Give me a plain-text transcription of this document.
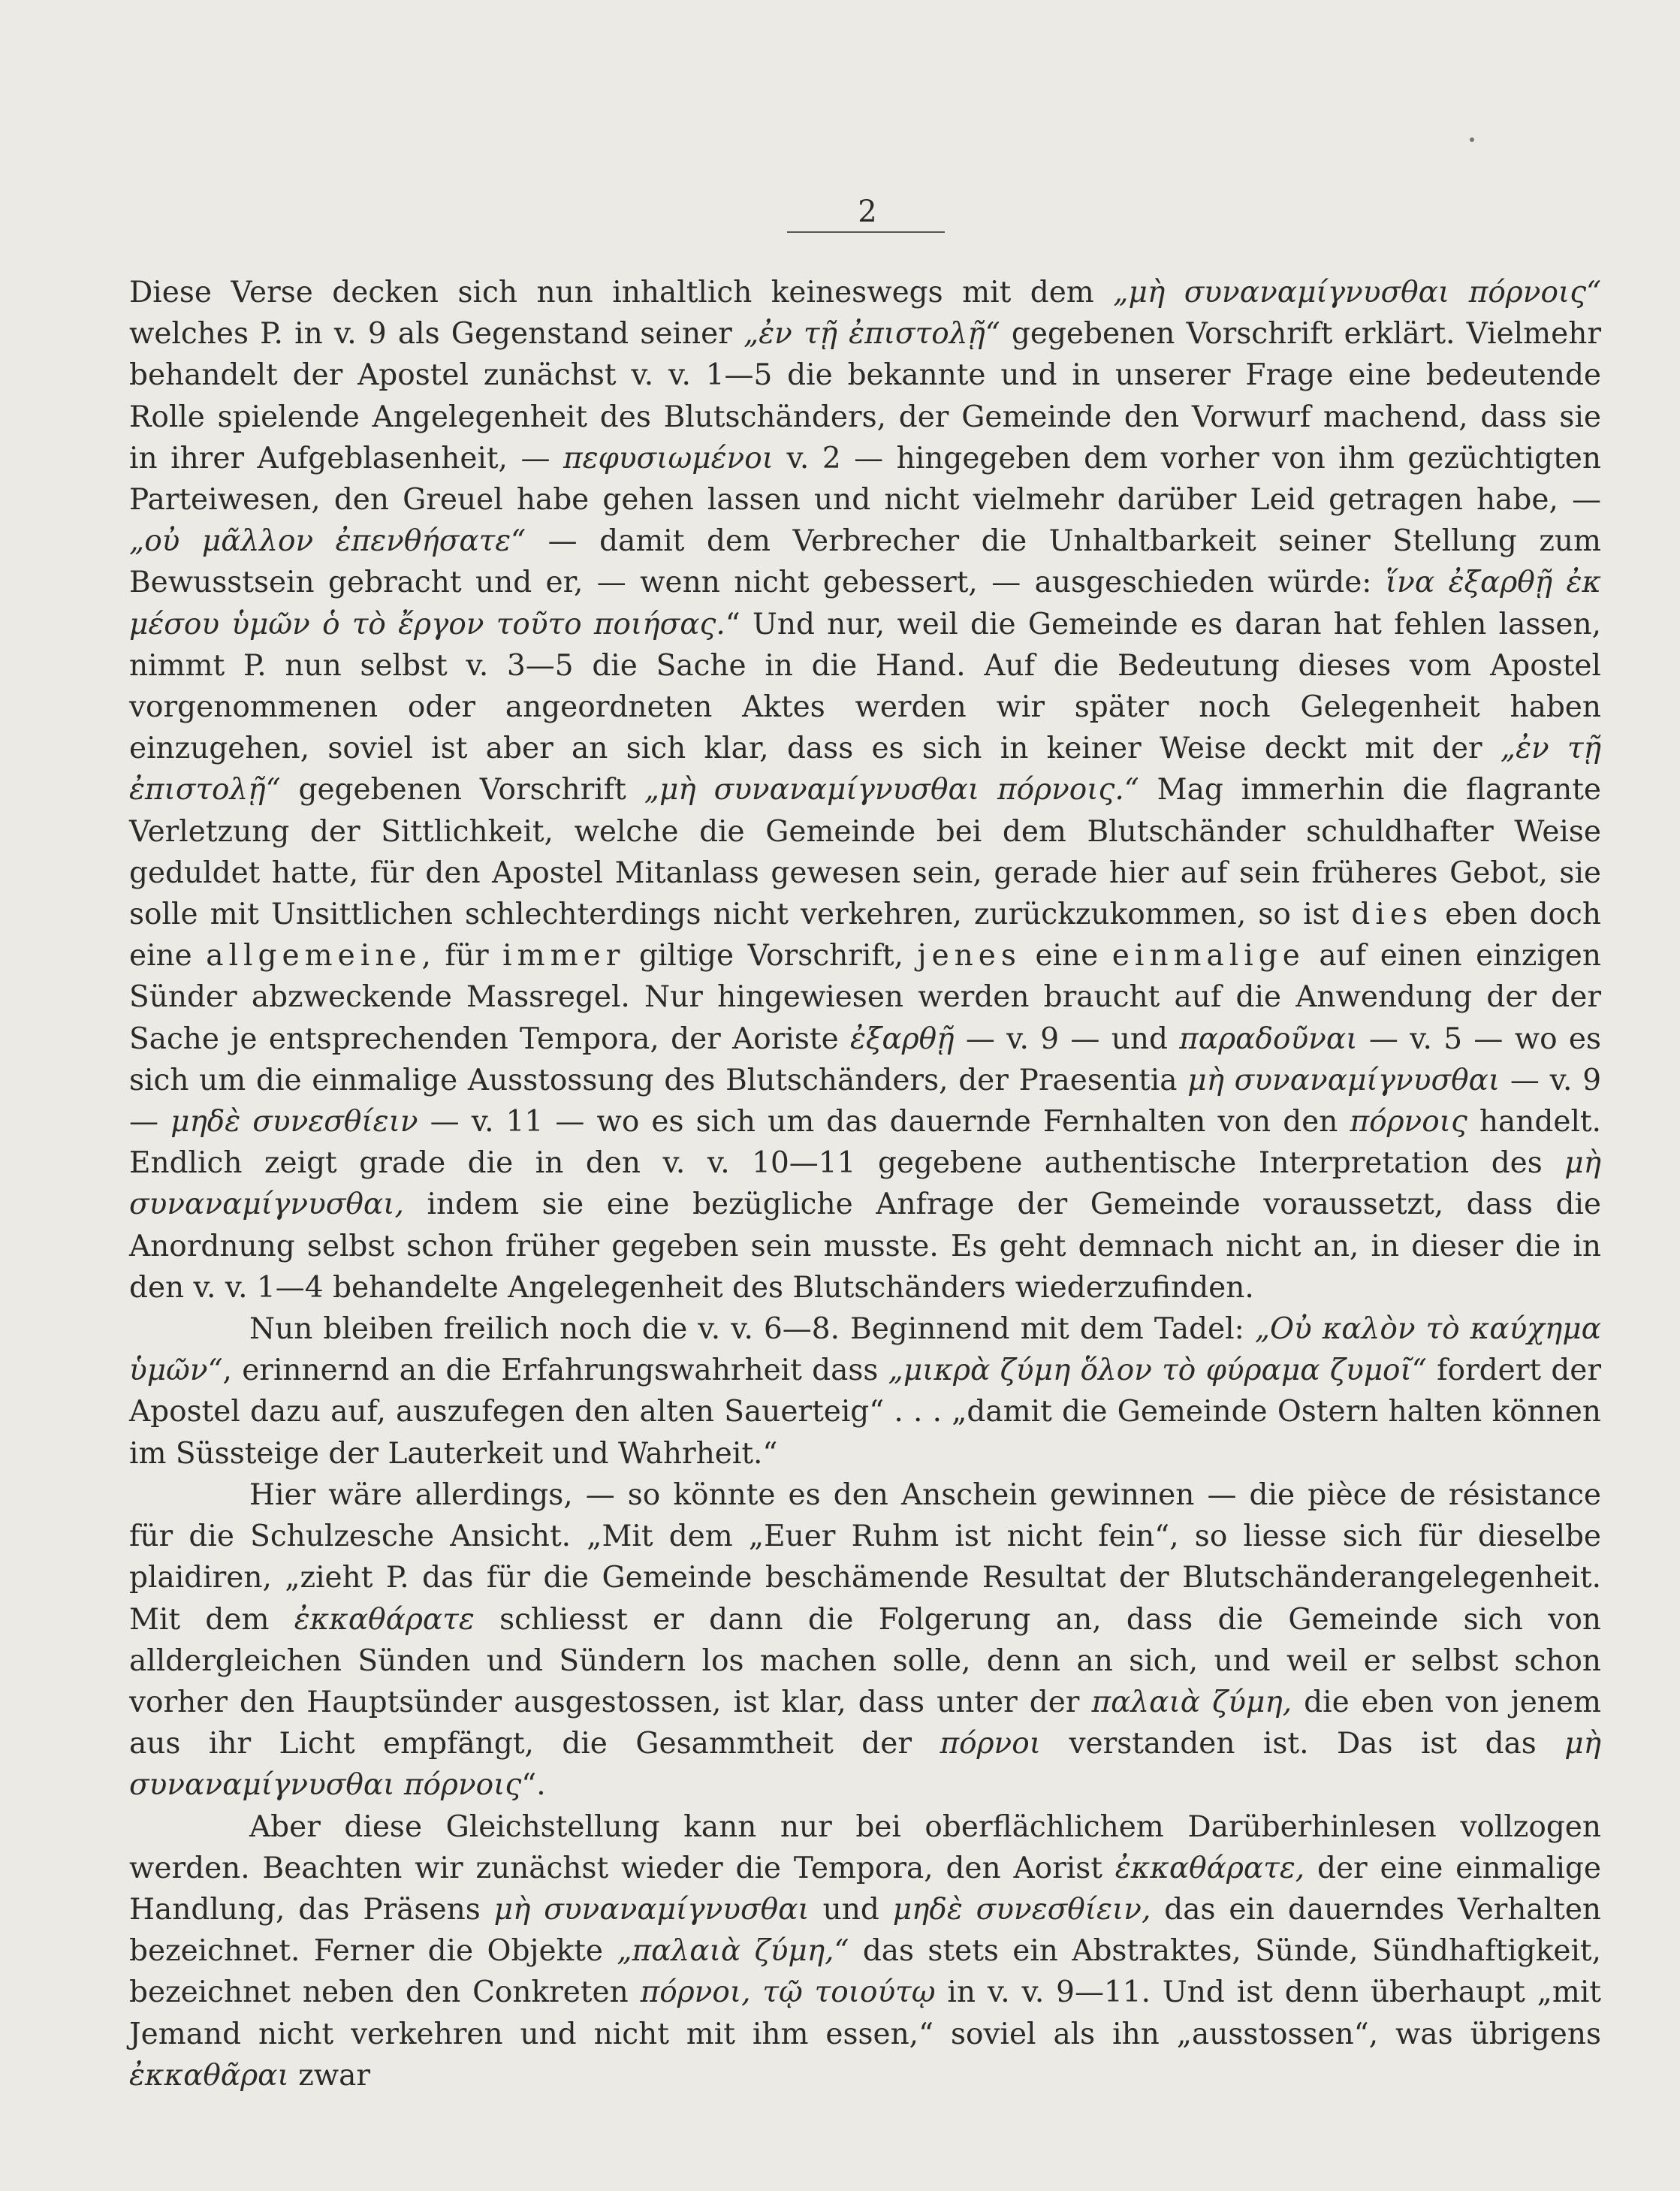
2

Diese Verse decken sich nun inhaltlich keineswegs mit dem „μὴ συναναμίγνυσθαι πόρνοις“ welches P. in v. 9 als Gegenstand seiner „ἐν τῇ ἐπιστολῇ“ gegebenen Vorschrift erklärt. Vielmehr behandelt der Apostel zunächst v. v. 1—5 die bekannte und in unserer Frage eine bedeutende Rolle spielende Angelegenheit des Blutschänders, der Gemeinde den Vorwurf machend, dass sie in ihrer Aufgeblasenheit, — πεφυσιωμένοι v. 2 — hingegeben dem vorher von ihm gezüchtigten Parteiwesen, den Greuel habe gehen lassen und nicht vielmehr darüber Leid getragen habe, — „οὐ μᾶλλον ἐπενθήσατε“ — damit dem Verbrecher die Unhaltbarkeit seiner Stellung zum Bewusstsein gebracht und er, — wenn nicht gebessert, — ausgeschieden würde: ἵνα ἐξαρθῇ ἐκ μέσου ὑμῶν ὁ τὸ ἔργον τοῦτο ποιήσας.“ Und nur, weil die Gemeinde es daran hat fehlen lassen, nimmt P. nun selbst v. 3—5 die Sache in die Hand. Auf die Bedeutung dieses vom Apostel vorgenommenen oder angeordneten Aktes werden wir später noch Gelegenheit haben einzugehen, soviel ist aber an sich klar, dass es sich in keiner Weise deckt mit der „ἐν τῇ ἐπιστολῇ“ gegebenen Vorschrift „μὴ συναναμίγνυσθαι πόρνοις.“ Mag immerhin die flagrante Verletzung der Sittlichkeit, welche die Gemeinde bei dem Blutschänder schuldhafter Weise geduldet hatte, für den Apostel Mitanlass gewesen sein, gerade hier auf sein früheres Gebot, sie solle mit Unsittlichen schlechterdings nicht verkehren, zurückzukommen, so ist dies eben doch eine allgemeine, für immer giltige Vorschrift, jenes eine einmalige auf einen einzigen Sünder abzweckende Massregel. Nur hingewiesen werden braucht auf die Anwendung der der Sache je entsprechenden Tempora, der Aoriste ἐξαρθῇ — v. 9 — und παραδοῦναι — v. 5 — wo es sich um die einmalige Ausstossung des Blutschänders, der Praesentia μὴ συναναμίγνυσθαι — v. 9 — μηδὲ συνεσθίειν — v. 11 — wo es sich um das dauernde Fernhalten von den πόρνοις handelt. Endlich zeigt grade die in den v. v. 10—11 gegebene authentische Interpretation des μὴ συναναμίγνυσθαι, indem sie eine bezügliche Anfrage der Gemeinde voraussetzt, dass die Anordnung selbst schon früher gegeben sein musste. Es geht demnach nicht an, in dieser die in den v. v. 1—4 behandelte Angelegenheit des Blutschänders wiederzufinden.

Nun bleiben freilich noch die v. v. 6—8. Beginnend mit dem Tadel: „Οὐ καλὸν τὸ καύχημα ὑμῶν“, erinnernd an die Erfahrungswahrheit dass „μικρὰ ζύμη ὅλον τὸ φύραμα ζυμοῖ“ fordert der Apostel dazu auf, auszufegen den alten Sauerteig“ . . . „damit die Gemeinde Ostern halten können im Süssteige der Lauterkeit und Wahrheit.“

Hier wäre allerdings, — so könnte es den Anschein gewinnen — die pièce de résistance für die Schulzesche Ansicht. „Mit dem „Euer Ruhm ist nicht fein“, so liesse sich für dieselbe plaidiren, „zieht P. das für die Gemeinde beschämende Resultat der Blutschänderangelegenheit. Mit dem ἐκκαθάρατε schliesst er dann die Folgerung an, dass die Gemeinde sich von alldergleichen Sünden und Sündern los machen solle, denn an sich, und weil er selbst schon vorher den Hauptsünder ausgestossen, ist klar, dass unter der παλαιὰ ζύμη, die eben von jenem aus ihr Licht empfängt, die Gesammtheit der πόρνοι verstanden ist. Das ist das μὴ συναναμίγνυσθαι πόρνοις“.

Aber diese Gleichstellung kann nur bei oberflächlichem Darüberhinlesen vollzogen werden. Beachten wir zunächst wieder die Tempora, den Aorist ἐκκαθάρατε, der eine einmalige Handlung, das Präsens μὴ συναναμίγνυσθαι und μηδὲ συνεσθίειν, das ein dauerndes Verhalten bezeichnet. Ferner die Objekte „παλαιὰ ζύμη,“ das stets ein Abstraktes, Sünde, Sündhaftigkeit, bezeichnet neben den Conkreten πόρνοι, τῷ τοιούτῳ in v. v. 9—11. Und ist denn überhaupt „mit Jemand nicht verkehren und nicht mit ihm essen,“ soviel als ihn „ausstossen“, was übrigens ἐκκαθᾶραι zwar
